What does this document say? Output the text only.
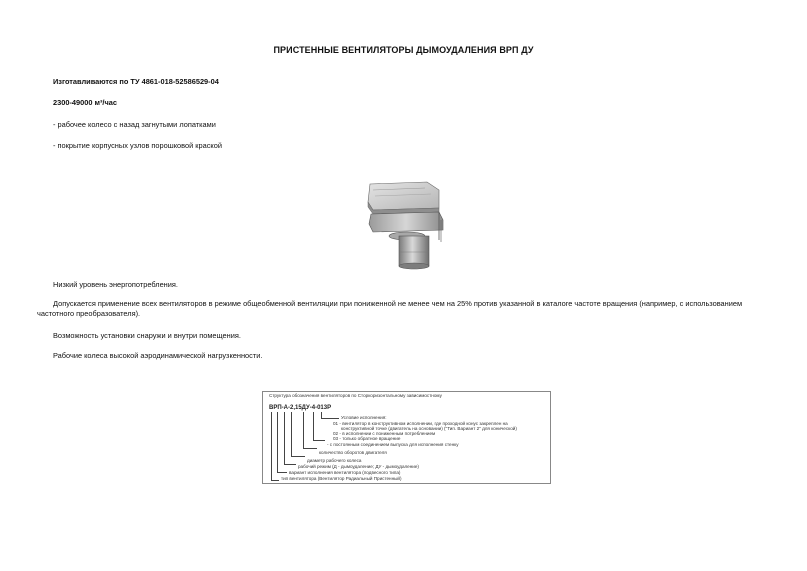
ПРИСТЕННЫЕ ВЕНТИЛЯТОРЫ ДЫМОУДАЛЕНИЯ ВРП ДУ
Изготавливаются по ТУ 4861-018-52586529-04
2300-49000 м³/час
- рабочее колесо с назад загнутыми лопатками
- покрытие корпусных узлов порошковой краской
Низкий уровень энергопотребления.
Допускается применение всех вентиляторов в режиме общеобменной вентиляции при пониженной не менее чем на 25% против указанной в каталоге частоте вращения (например, с использованием частотного преобразователя).
Возможность установки снаружи и внутри помещения.
Рабочие колеса высокой аэродинамической нагрузкенности.
Структура обозначения вентиляторов по Сторкоризонтальному зависимостному
ВРП-А-2,15ДУ-4-013Р
Условие исполнения:
01 - вентилятор в конструктивном исполнении, где проходной конус закреплен на
конструктивной точке (двигатель на основании) ("Тип. Вариант 2" для конической)
02 - в исполнении с пониженным потреблением
03 - только обратное вращение
- с постоянным соединением выпуска для исполнения стенку
количество оборотов двигателя
диаметр рабочего колеса
рабочий режим (Д - дымоудаление; ДУ - дымоудаление)
вариант исполнения вентилятора (подвесного типа)
тип вентилятора (Вентилятор Радиальный Пристенный)
